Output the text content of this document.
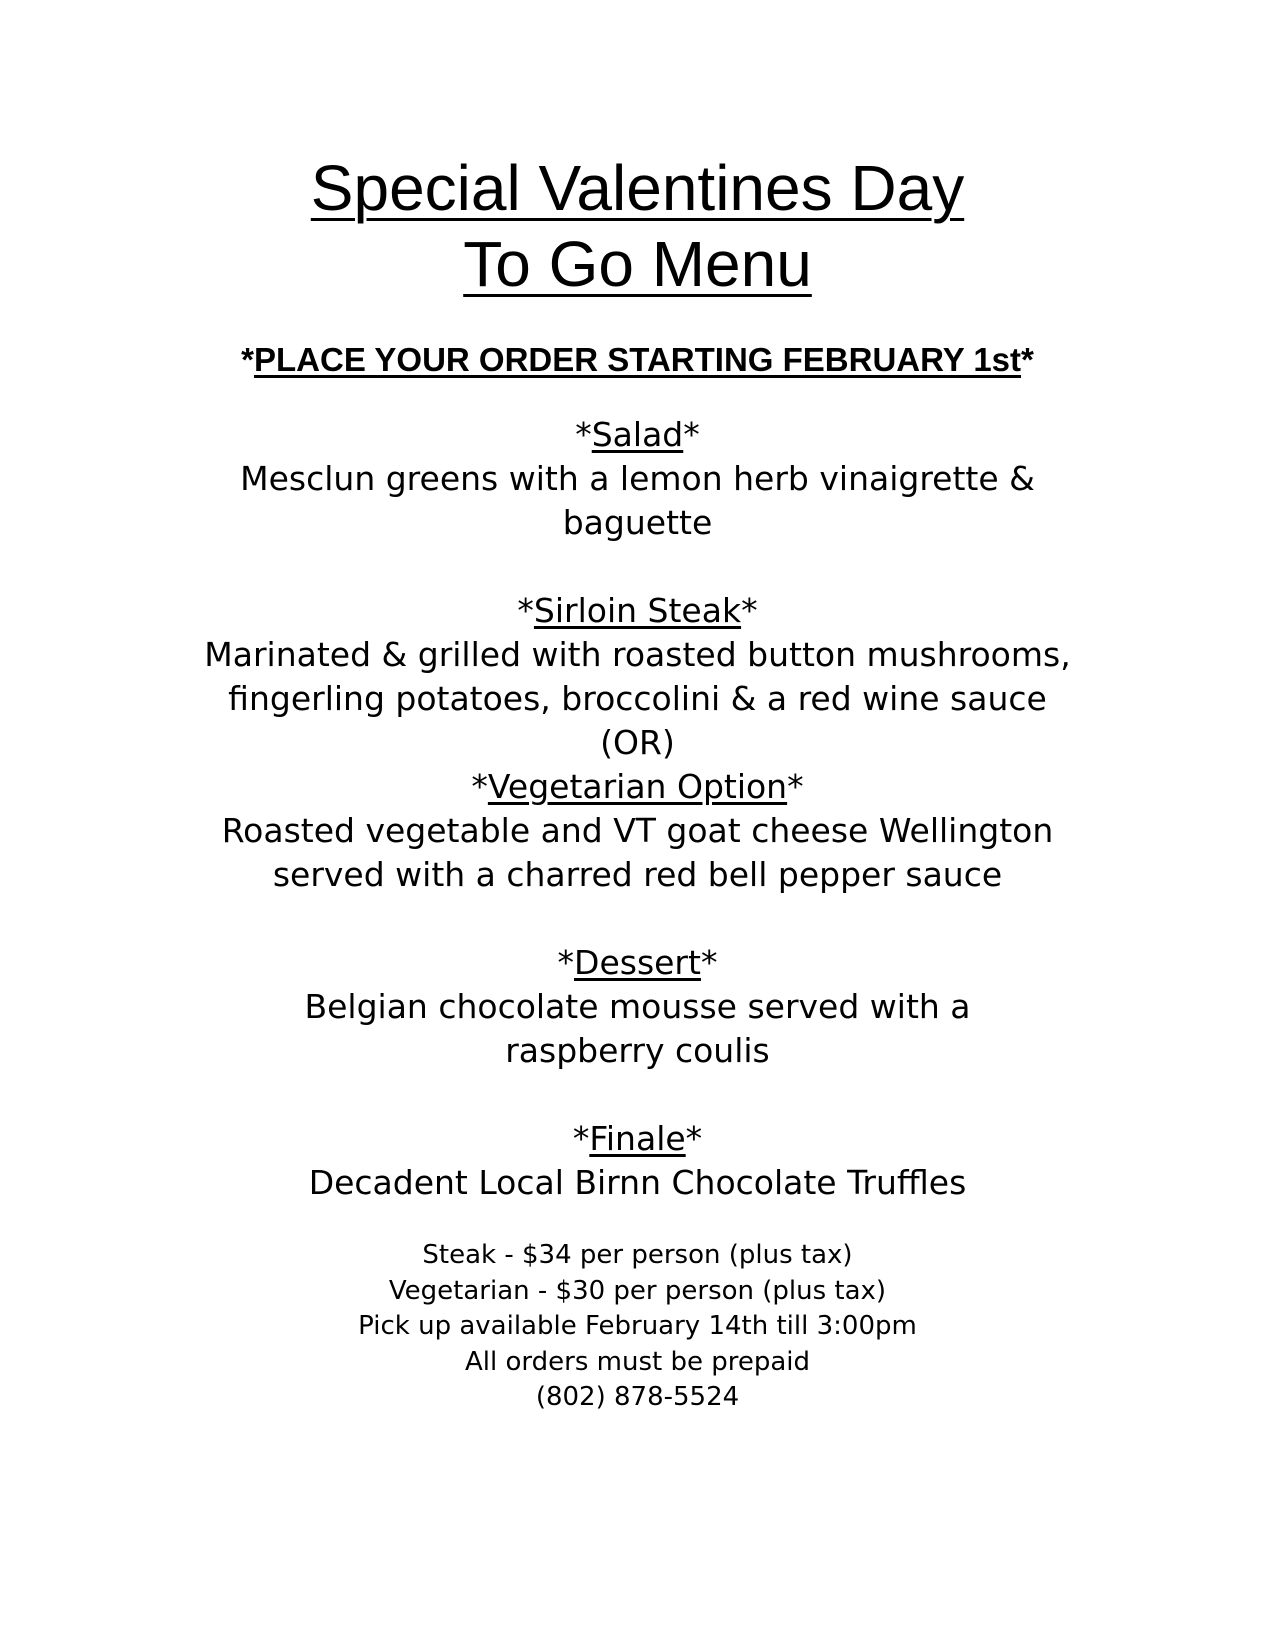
Special Valentines Day
To Go Menu
*PLACE YOUR ORDER STARTING FEBRUARY 1st*
*Salad*
Mesclun greens with a lemon herb vinaigrette &
baguette
*Sirloin Steak*
Marinated & grilled with roasted button mushrooms,
fingerling potatoes, broccolini & a red wine sauce
(OR)
*Vegetarian Option*
Roasted vegetable and VT goat cheese Wellington
served with a charred red bell pepper sauce
*Dessert*
Belgian chocolate mousse served with a
raspberry coulis
*Finale*
Decadent Local Birnn Chocolate Truffles
Steak - $34 per person (plus tax)
Vegetarian - $30 per person (plus tax)
Pick up available February 14th till 3:00pm
All orders must be prepaid
(802) 878-5524
